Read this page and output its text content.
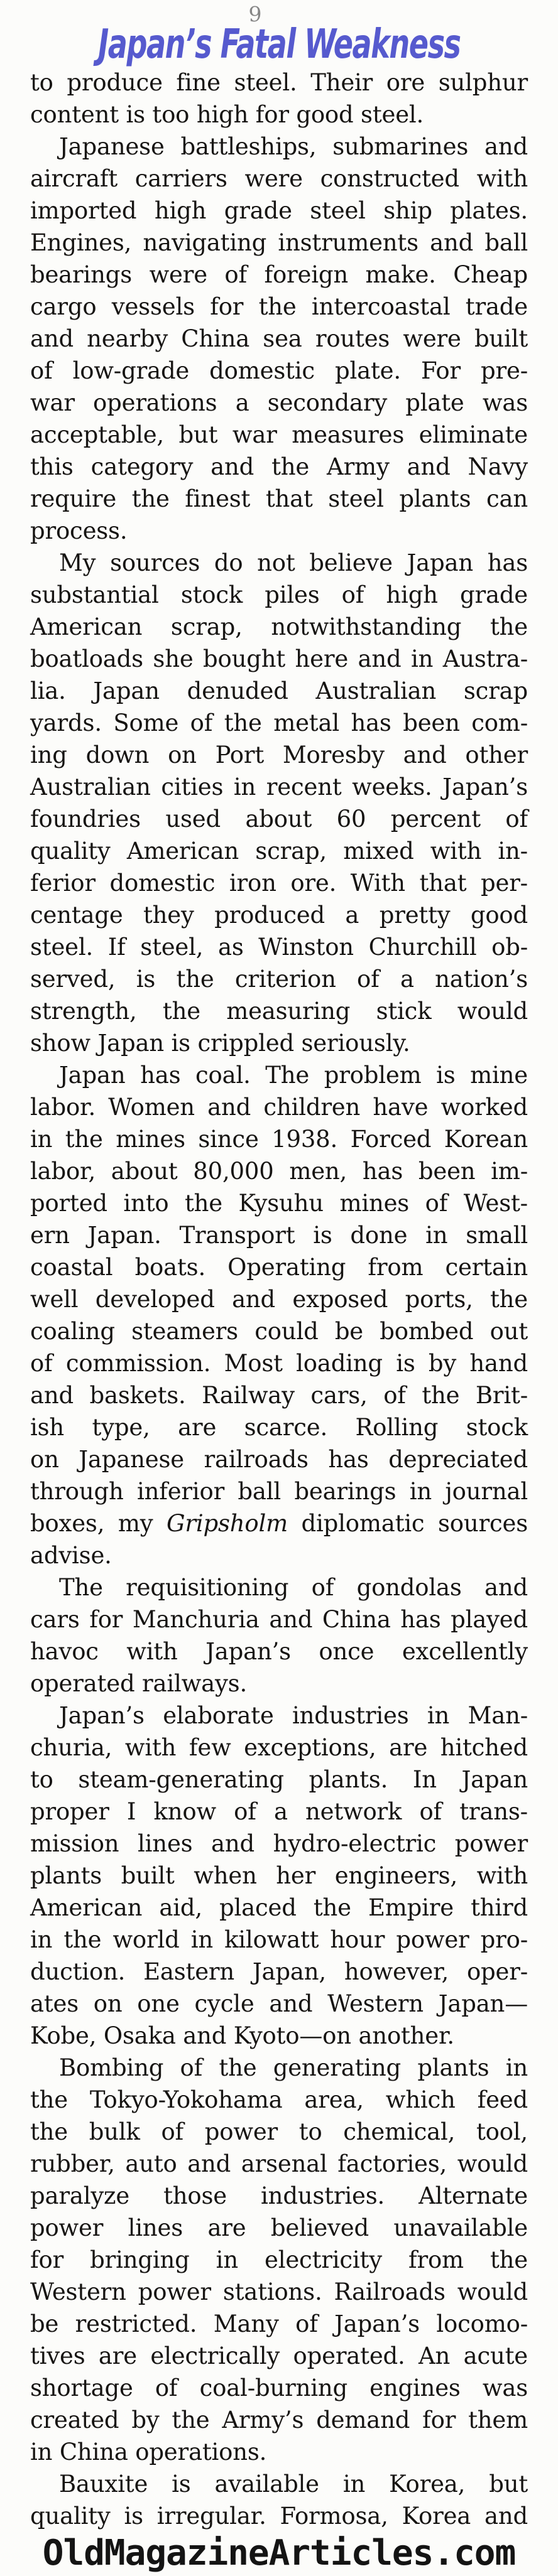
9
Japan’s Fatal Weakness
to produce fine steel. Their ore sulphur
content is too high for good steel.
Japanese battleships, submarines and
aircraft carriers were constructed with
imported high grade steel ship plates.
Engines, navigating instruments and ball
bearings were of foreign make. Cheap
cargo vessels for the intercoastal trade
and nearby China sea routes were built
of low-grade domestic plate. For pre-
war operations a secondary plate was
acceptable, but war measures eliminate
this category and the Army and Navy
require the finest that steel plants can
process.
My sources do not believe Japan has
substantial stock piles of high grade
American scrap, notwithstanding the
boatloads she bought here and in Austra-
lia. Japan denuded Australian scrap
yards. Some of the metal has been com-
ing down on Port Moresby and other
Australian cities in recent weeks. Japan’s
foundries used about 60 percent of
quality American scrap, mixed with in-
ferior domestic iron ore. With that per-
centage they produced a pretty good
steel. If steel, as Winston Churchill ob-
served, is the criterion of a nation’s
strength, the measuring stick would
show Japan is crippled seriously.
Japan has coal. The problem is mine
labor. Women and children have worked
in the mines since 1938. Forced Korean
labor, about 80,000 men, has been im-
ported into the Kysuhu mines of West-
ern Japan. Transport is done in small
coastal boats. Operating from certain
well developed and exposed ports, the
coaling steamers could be bombed out
of commission. Most loading is by hand
and baskets. Railway cars, of the Brit-
ish type, are scarce. Rolling stock
on Japanese railroads has depreciated
through inferior ball bearings in journal
boxes, my Gripsholm diplomatic sources
advise.
The requisitioning of gondolas and
cars for Manchuria and China has played
havoc with Japan’s once excellently
operated railways.
Japan’s elaborate industries in Man-
churia, with few exceptions, are hitched
to steam-generating plants. In Japan
proper I know of a network of trans-
mission lines and hydro-electric power
plants built when her engineers, with
American aid, placed the Empire third
in the world in kilowatt hour power pro-
duction. Eastern Japan, however, oper-
ates on one cycle and Western Japan—
Kobe, Osaka and Kyoto—on another.
Bombing of the generating plants in
the Tokyo-Yokohama area, which feed
the bulk of power to chemical, tool,
rubber, auto and arsenal factories, would
paralyze those industries. Alternate
power lines are believed unavailable
for bringing in electricity from the
Western power stations. Railroads would
be restricted. Many of Japan’s locomo-
tives are electrically operated. An acute
shortage of coal-burning engines was
created by the Army’s demand for them
in China operations.
Bauxite is available in Korea, but
quality is irregular. Formosa, Korea and
OldMagazineArticles.com
